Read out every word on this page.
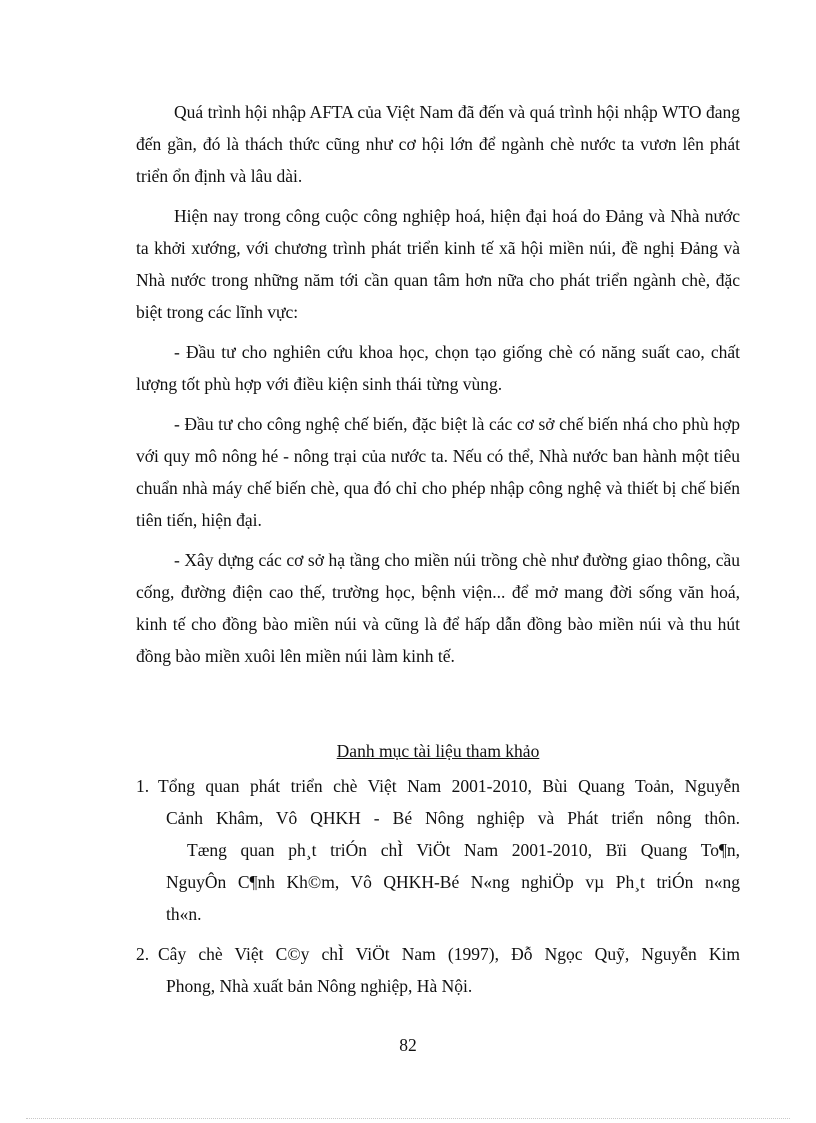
Quá trình hội nhập AFTA của Việt Nam đã đến và quá trình hội nhập WTO đang đến gần, đó là thách thức cũng như cơ hội lớn để ngành chè nước ta vươn lên phát triển ổn định và lâu dài.

Hiện nay trong công cuộc công nghiệp hoá, hiện đại hoá do Đảng và Nhà nước ta khởi xướng, với chương trình phát triển kinh tế xã hội miền núi, đề nghị Đảng và Nhà nước trong những năm tới cần quan tâm hơn nữa cho phát triển ngành chè, đặc biệt trong các lĩnh vực:

- Đầu tư cho nghiên cứu khoa học, chọn tạo giống chè có năng suất cao, chất lượng tốt phù hợp với điều kiện sinh thái từng vùng.

- Đầu tư cho công nghệ chế biến, đặc biệt là các cơ sở chế biến nhá cho phù hợp với quy mô nông hé - nông trại của nước ta. Nếu có thể, Nhà nước ban hành một tiêu chuẩn nhà máy chế biến chè, qua đó chỉ cho phép nhập công nghệ và thiết bị chế biến tiên tiến, hiện đại.

- Xây dựng các cơ sở hạ tầng cho miền núi trồng chè như đường giao thông, cầu cống, đường điện cao thế, trường học, bệnh viện... để mở mang đời sống văn hoá, kinh tế cho đồng bào miền núi và cũng là để hấp dẫn đồng bào miền núi và thu hút đồng bào miền xuôi lên miền núi làm kinh tế.

Danh mục tài liệu tham khảo
1. Tổng quan phát triển chè Việt Nam 2001-2010, Bùi Quang Toản, Nguyễn
Cảnh Khâm, Vô QHKH - Bé Nông nghiệp và Phát triển nông thôn.
Tæng quan ph¸t triÓn chÌ ViÖt Nam 2001-2010, Bïi Quang To¶n,
NguyÔn C¶nh Kh©m, Vô QHKH-Bé N«ng nghiÖp vµ Ph¸t triÓn n«ng
th«n.
2. Cây chè Việt C©y chÌ ViÖt Nam (1997), Đỗ Ngọc Quỹ, Nguyễn Kim
Phong, Nhà xuất bản Nông nghiệp, Hà Nội.
82
